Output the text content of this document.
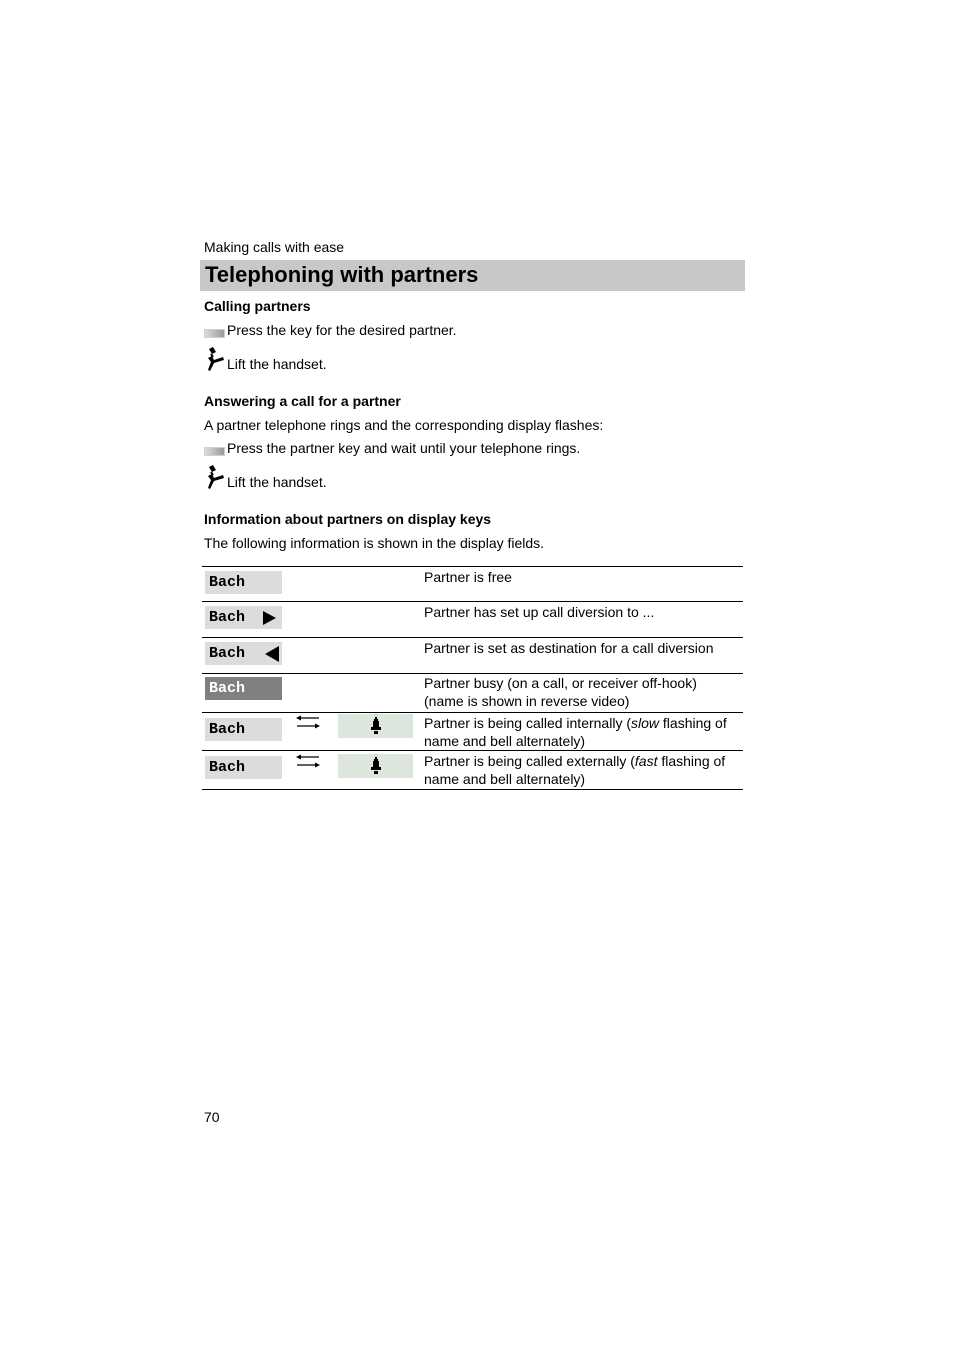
Making calls with ease
Telephoning with partners
Calling partners
Press the key for the desired partner.
Lift the handset.
Answering a call for a partner
A partner telephone rings and the corresponding display flashes:
Press the partner key and wait until your telephone rings.
Lift the handset.
Information about partners on display keys
The following information is shown in the display fields.
Bach			Partner is free

Bach			Partner has set up call diversion to ...

Bach			Partner is set as destination for a call diversion

Bach			Partner busy (on a call, or receiver off-hook)
(name is shown in reverse video)

Bach			Partner is being called internally (slow flashing of name and bell alternately)

Bach			Partner is being called externally (fast flashing of name and bell alternately)
70
